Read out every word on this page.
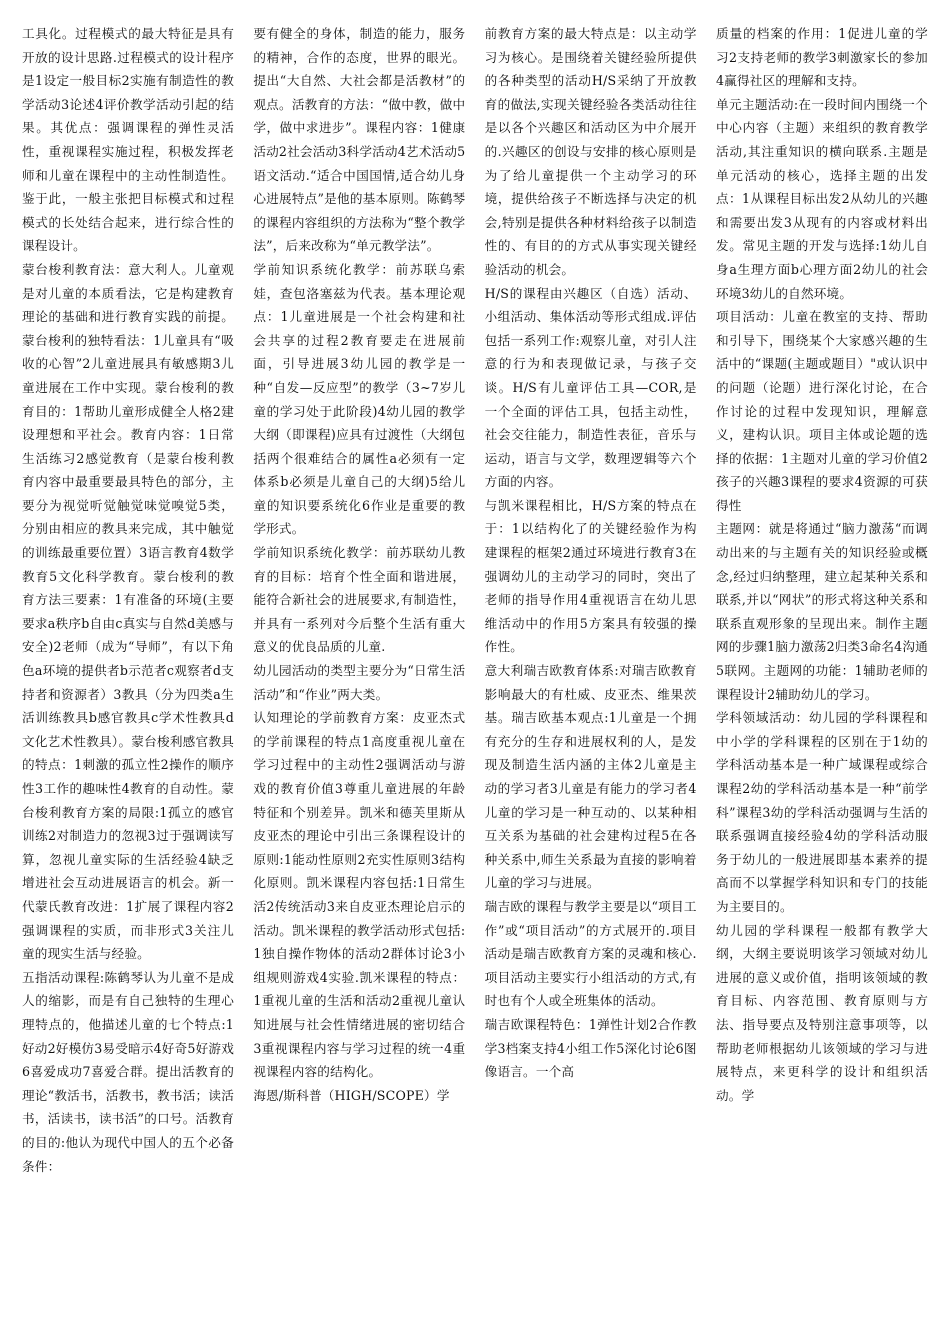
工具化。过程模式的最大特征是具有开放的设计思路.过程模式的设计程序是1设定一般目标2实施有制造性的教学活动3论述4评价教学活动引起的结果。其优点：强调课程的弹性灵活性，重视课程实施过程，积极发挥老师和儿童在课程中的主动性制造性。鉴于此，一般主张把目标模式和过程模式的长处结合起来，进行综合性的课程设计。

蒙台梭利教育法：意大利人。儿童观是对儿童的本质看法，它是构建教育理论的基础和进行教育实践的前提。蒙台梭利的独特看法：1儿童具有“吸收的心智”2儿童进展具有敏感期3儿童进展在工作中实现。蒙台梭利的教育目的：1帮助儿童形成健全人格2建设理想和平社会。教育内容：1日常生活练习2感觉教育（是蒙台梭利教育内容中最重要最具特色的部分，主要分为视觉听觉触觉味觉嗅觉5类，分别由相应的教具来完成，其中触觉的训练最重要位置）3语言教育4数学教育5文化科学教育。蒙台梭利的教育方法三要素：1有准备的环境(主要要求a秩序b自由c真实与自然d美感与安全)2老师（成为“导师”，有以下角色a环境的提供者b示范者c观察者d支持者和资源者）3教具（分为四类a生活训练教具b感官教具c学术性教具d文化艺术性教具）。蒙台梭利感官教具的特点：1刺激的孤立性2操作的顺序性3工作的趣味性4教育的自动性。蒙台梭利教育方案的局限:1孤立的感官训练2对制造力的忽视3过于强调读写算，忽视儿童实际的生活经验4缺乏增进社会互动进展语言的机会。新一代蒙氏教育改进：1扩展了课程内容2强调课程的实质，而非形式3关注儿童的现实生活与经验。

五指活动课程:陈鹤琴认为儿童不是成人的缩影，而是有自己独特的生理心理特点的，他描述儿童的七个特点:1好动2好模仿3易受暗示4好奇5好游戏6喜爱成功7喜爱合群。提出活教育的理论“教活书，活教书，教书活；读活书，活读书，读书活”的口号。活教育的目的:他认为现代中国人的五个必备条件：

要有健全的身体，制造的能力，服务的精神，合作的态度，世界的眼光。提出“大自然、大社会都是活教材”的观点。活教育的方法：“做中教，做中学，做中求进步”。课程内容：1健康活动2社会活动3科学活动4艺术活动5语文活动.“适合中国国情,适合幼儿身心进展特点”是他的基本原则。陈鹤琴的课程内容组织的方法称为“整个教学法”，后来改称为“单元教学法”。

学前知识系统化教学：前苏联乌索娃，查包洛塞兹为代表。基本理论观点：1儿童进展是一个社会构建和社会共享的过程2教育要走在进展前面，引导进展3幼儿园的教学是一种“自发—反应型”的教学（3~7岁儿童的学习处于此阶段)4幼儿园的教学大纲（即课程)应具有过渡性（大纲包括两个很难结合的属性a必须有一定体系b必须是儿童自己的大纲)5给儿童的知识要系统化6作业是重要的教学形式。

学前知识系统化教学：前苏联幼儿教育的目标：培育个性全面和谐进展，能符合新社会的进展要求,有制造性，并具有一系列对今后整个生活有重大意义的优良品质的儿童.

幼儿园活动的类型主要分为“日常生活活动”和“作业”两大类。

认知理论的学前教育方案：皮亚杰式的学前课程的特点1高度重视儿童在学习过程中的主动性2强调活动与游戏的教育价值3尊重儿童进展的年龄特征和个别差异。凯米和德芙里斯从皮亚杰的理论中引出三条课程设计的原则:1能动性原则2充实性原则3结构化原则。凯米课程内容包括:1日常生活2传统活动3来自皮亚杰理论启示的活动。凯米课程的教学活动形式包括:1独自操作物体的活动2群体讨论3小组规则游戏4实验.凯米课程的特点：1重视儿童的生活和活动2重视儿童认知进展与社会性情绪进展的密切结合3重视课程内容与学习过程的统一4重视课程内容的结构化。

海恩/斯科普（HIGH/SCOPE）学

前教育方案的最大特点是：以主动学习为核心。是围绕着关键经验所提供的各种类型的活动H/S采纳了开放教育的做法,实现关键经验各类活动往往是以各个兴趣区和活动区为中介展开的.兴趣区的创设与安排的核心原则是为了给儿童提供一个主动学习的环境，提供给孩子不断选择与决定的机会,特别是提供各种材料给孩子以制造性的、有目的的方式从事实现关键经验活动的机会。

H/S的课程由兴趣区（自选）活动、小组活动、集体活动等形式组成.评估包括一系列工作:观察儿童，对引人注意的行为和表现做记录，与孩子交谈。H/S有儿童评估工具—COR,是一个全面的评估工具，包括主动性，社会交往能力，制造性表征，音乐与运动，语言与文学，数理逻辑等六个方面的内容。

与凯米课程相比，H/S方案的特点在于：1以结构化了的关键经验作为构建课程的框架2通过环境进行教育3在强调幼儿的主动学习的同时，突出了老师的指导作用4重视语言在幼儿思维活动中的作用5方案具有较强的操作性。

意大利瑞吉欧教育体系:对瑞吉欧教育影响最大的有杜威、皮亚杰、维果茨基。瑞吉欧基本观点:1儿童是一个拥有充分的生存和进展权利的人，是发现及制造生活内涵的主体2儿童是主动的学习者3儿童是有能力的学习者4儿童的学习是一种互动的、以某种相互关系为基础的社会建构过程5在各种关系中,师生关系最为直接的影响着儿童的学习与进展。

瑞吉欧的课程与教学主要是以“项目工作”或“项目活动”的方式展开的.项目活动是瑞吉欧教育方案的灵魂和核心.项目活动主要实行小组活动的方式,有时也有个人或全班集体的活动。

瑞吉欧课程特色：1弹性计划2合作教学3档案支持4小组工作5深化讨论6图像语言。一个高

质量的档案的作用：1促进儿童的学习2支持老师的教学3刺激家长的参加4赢得社区的理解和支持。

单元主题活动:在一段时间内围绕一个中心内容（主题）来组织的教育教学活动,其注重知识的横向联系.主题是单元活动的核心，选择主题的出发点：1从课程目标出发2从幼儿的兴趣和需要出发3从现有的内容或材料出发。常见主题的开发与选择:1幼儿自身a生理方面b心理方面2幼儿的社会环境3幼儿的自然环境。

项目活动：儿童在教室的支持、帮助和引导下，围绕某个大家感兴趣的生活中的“课题(主题或题目）"或认识中的问题（论题）进行深化讨论，在合作讨论的过程中发现知识，理解意义，建构认识。项目主体或论题的选择的依据：1主题对儿童的学习价值2孩子的兴趣3课程的要求4资源的可获得性

主题网：就是将通过“脑力激荡“而调动出来的与主题有关的知识经验或概念,经过归纳整理，建立起某种关系和联系,并以“网状”的形式将这种关系和联系直观形象的呈现出来。制作主题网的步骤1脑力激荡2归类3命名4沟通5联网。主题网的功能：1辅助老师的课程设计2辅助幼儿的学习。

学科领域活动：幼儿园的学科课程和中小学的学科课程的区别在于1幼的学科活动基本是一种广域课程或综合课程2幼的学科活动基本是一种“前学科”课程3幼的学科活动强调与生活的联系强调直接经验4幼的学科活动服务于幼儿的一般进展即基本素养的提高而不以掌握学科知识和专门的技能为主要目的。

幼儿园的学科课程一般都有教学大纲，大纲主要说明该学习领域对幼儿进展的意义或价值，指明该领域的教育目标、内容范围、教育原则与方法、指导要点及特别注意事项等，以帮助老师根据幼儿该领域的学习与进展特点，来更科学的设计和组织活动。学
